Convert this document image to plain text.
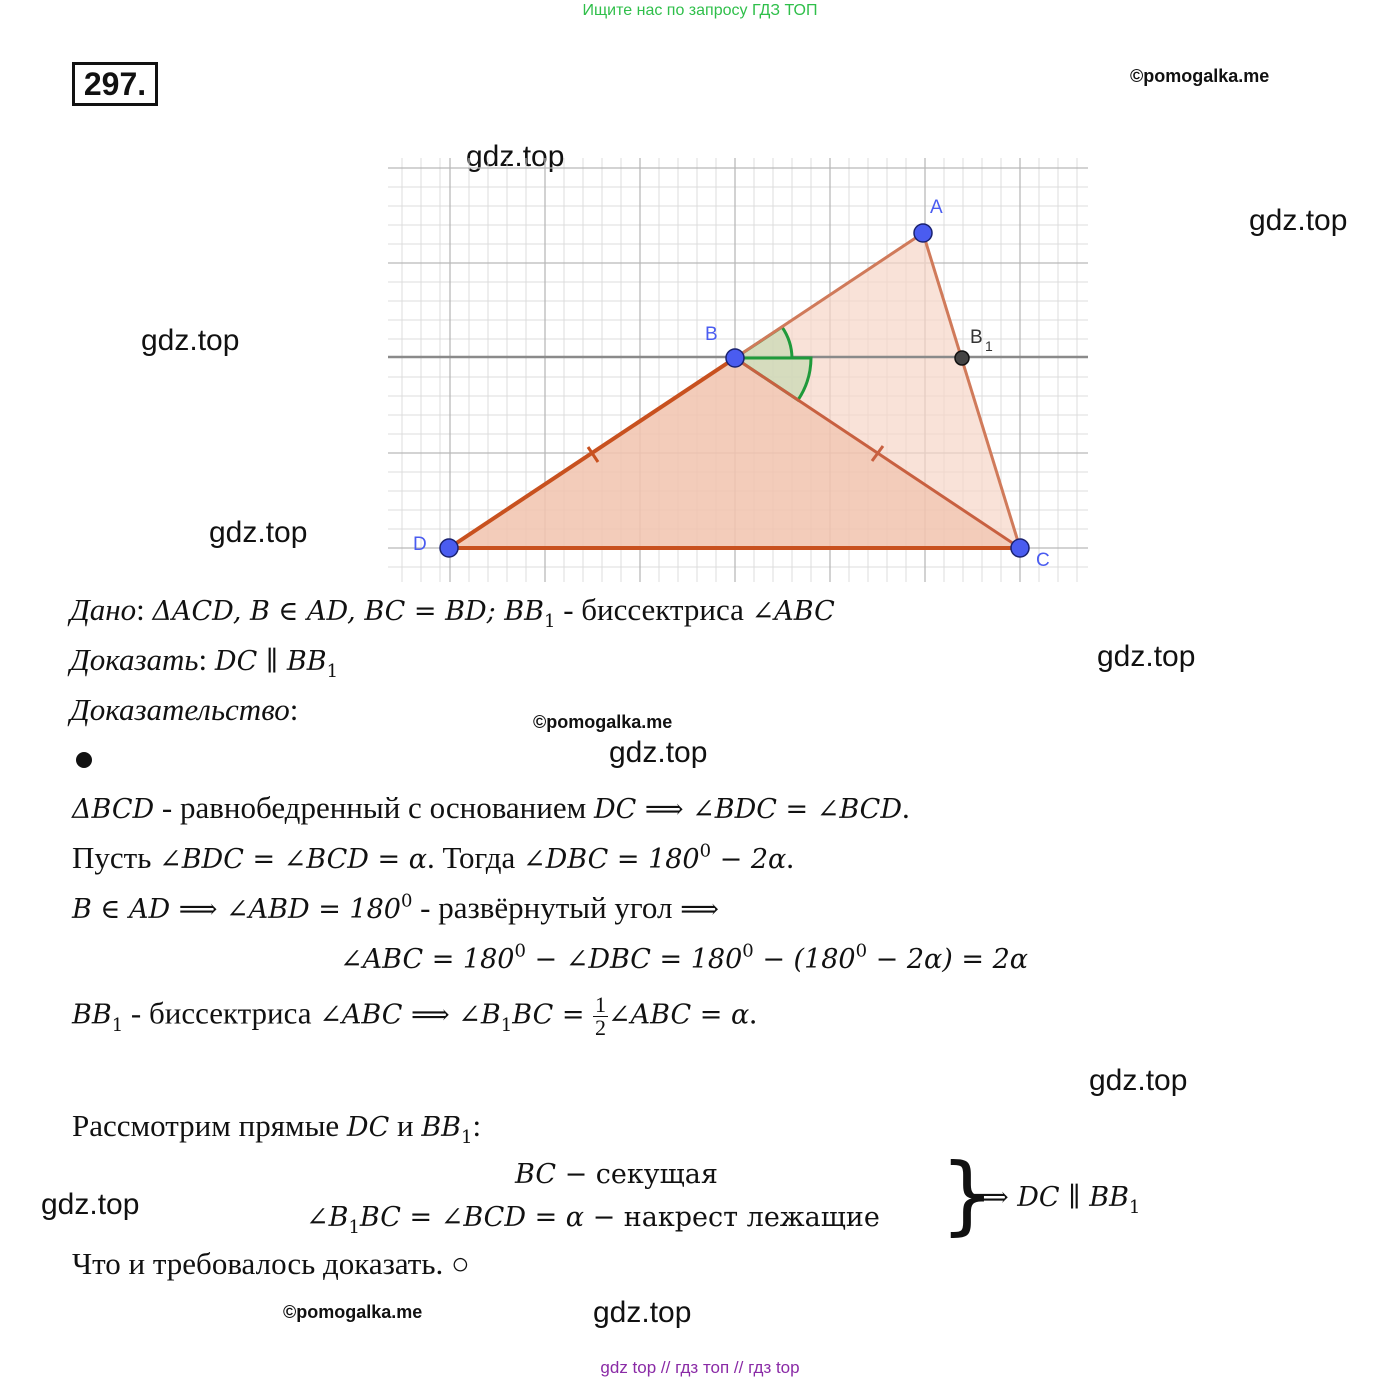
Ищите нас по запросу ГДЗ ТОП
297.	©pomogalka.me
©pomogalka.me
©pomogalka.me
gdz.top
gdz.top
gdz.top
gdz.top
gdz.top
gdz.top
gdz.top
gdz.top
gdz.top
A
B
C
D
B 1
Дано: ΔACD, B ∈ AD, BC = BD; $BB_1$ - биссектриса ∠ABC
Доказать: DC ∥ $BB_1$
Доказательство:
ΔBCD - равнобедренный с основанием DC ⟹ ∠BDC = ∠BCD.
Пусть ∠BDC = ∠BCD = α. Тогда ∠DBC = $180^0 - 2\alpha$.
B ∈ AD ⟹ ∠ABD = $180^0$ - развёрнутый угол ⟹
∠ABC = $180^0$ − ∠DBC = $180^0 - (180^0 - 2\alpha) = 2\alpha$
$BB_1$ - биссектриса ∠ABC ⟹ $\angle B_1BC = \frac{1}{2}$ ∠ABC = α.
Рассмотрим прямые DC и $BB_1$:
BC − секущая
$\angle B_1BC$ = ∠BCD = α − накрест лежащие }
⟹ DC ∥ $BB_1$
Что и требовалось доказать. ○
gdz top // гдз топ // гдз top
